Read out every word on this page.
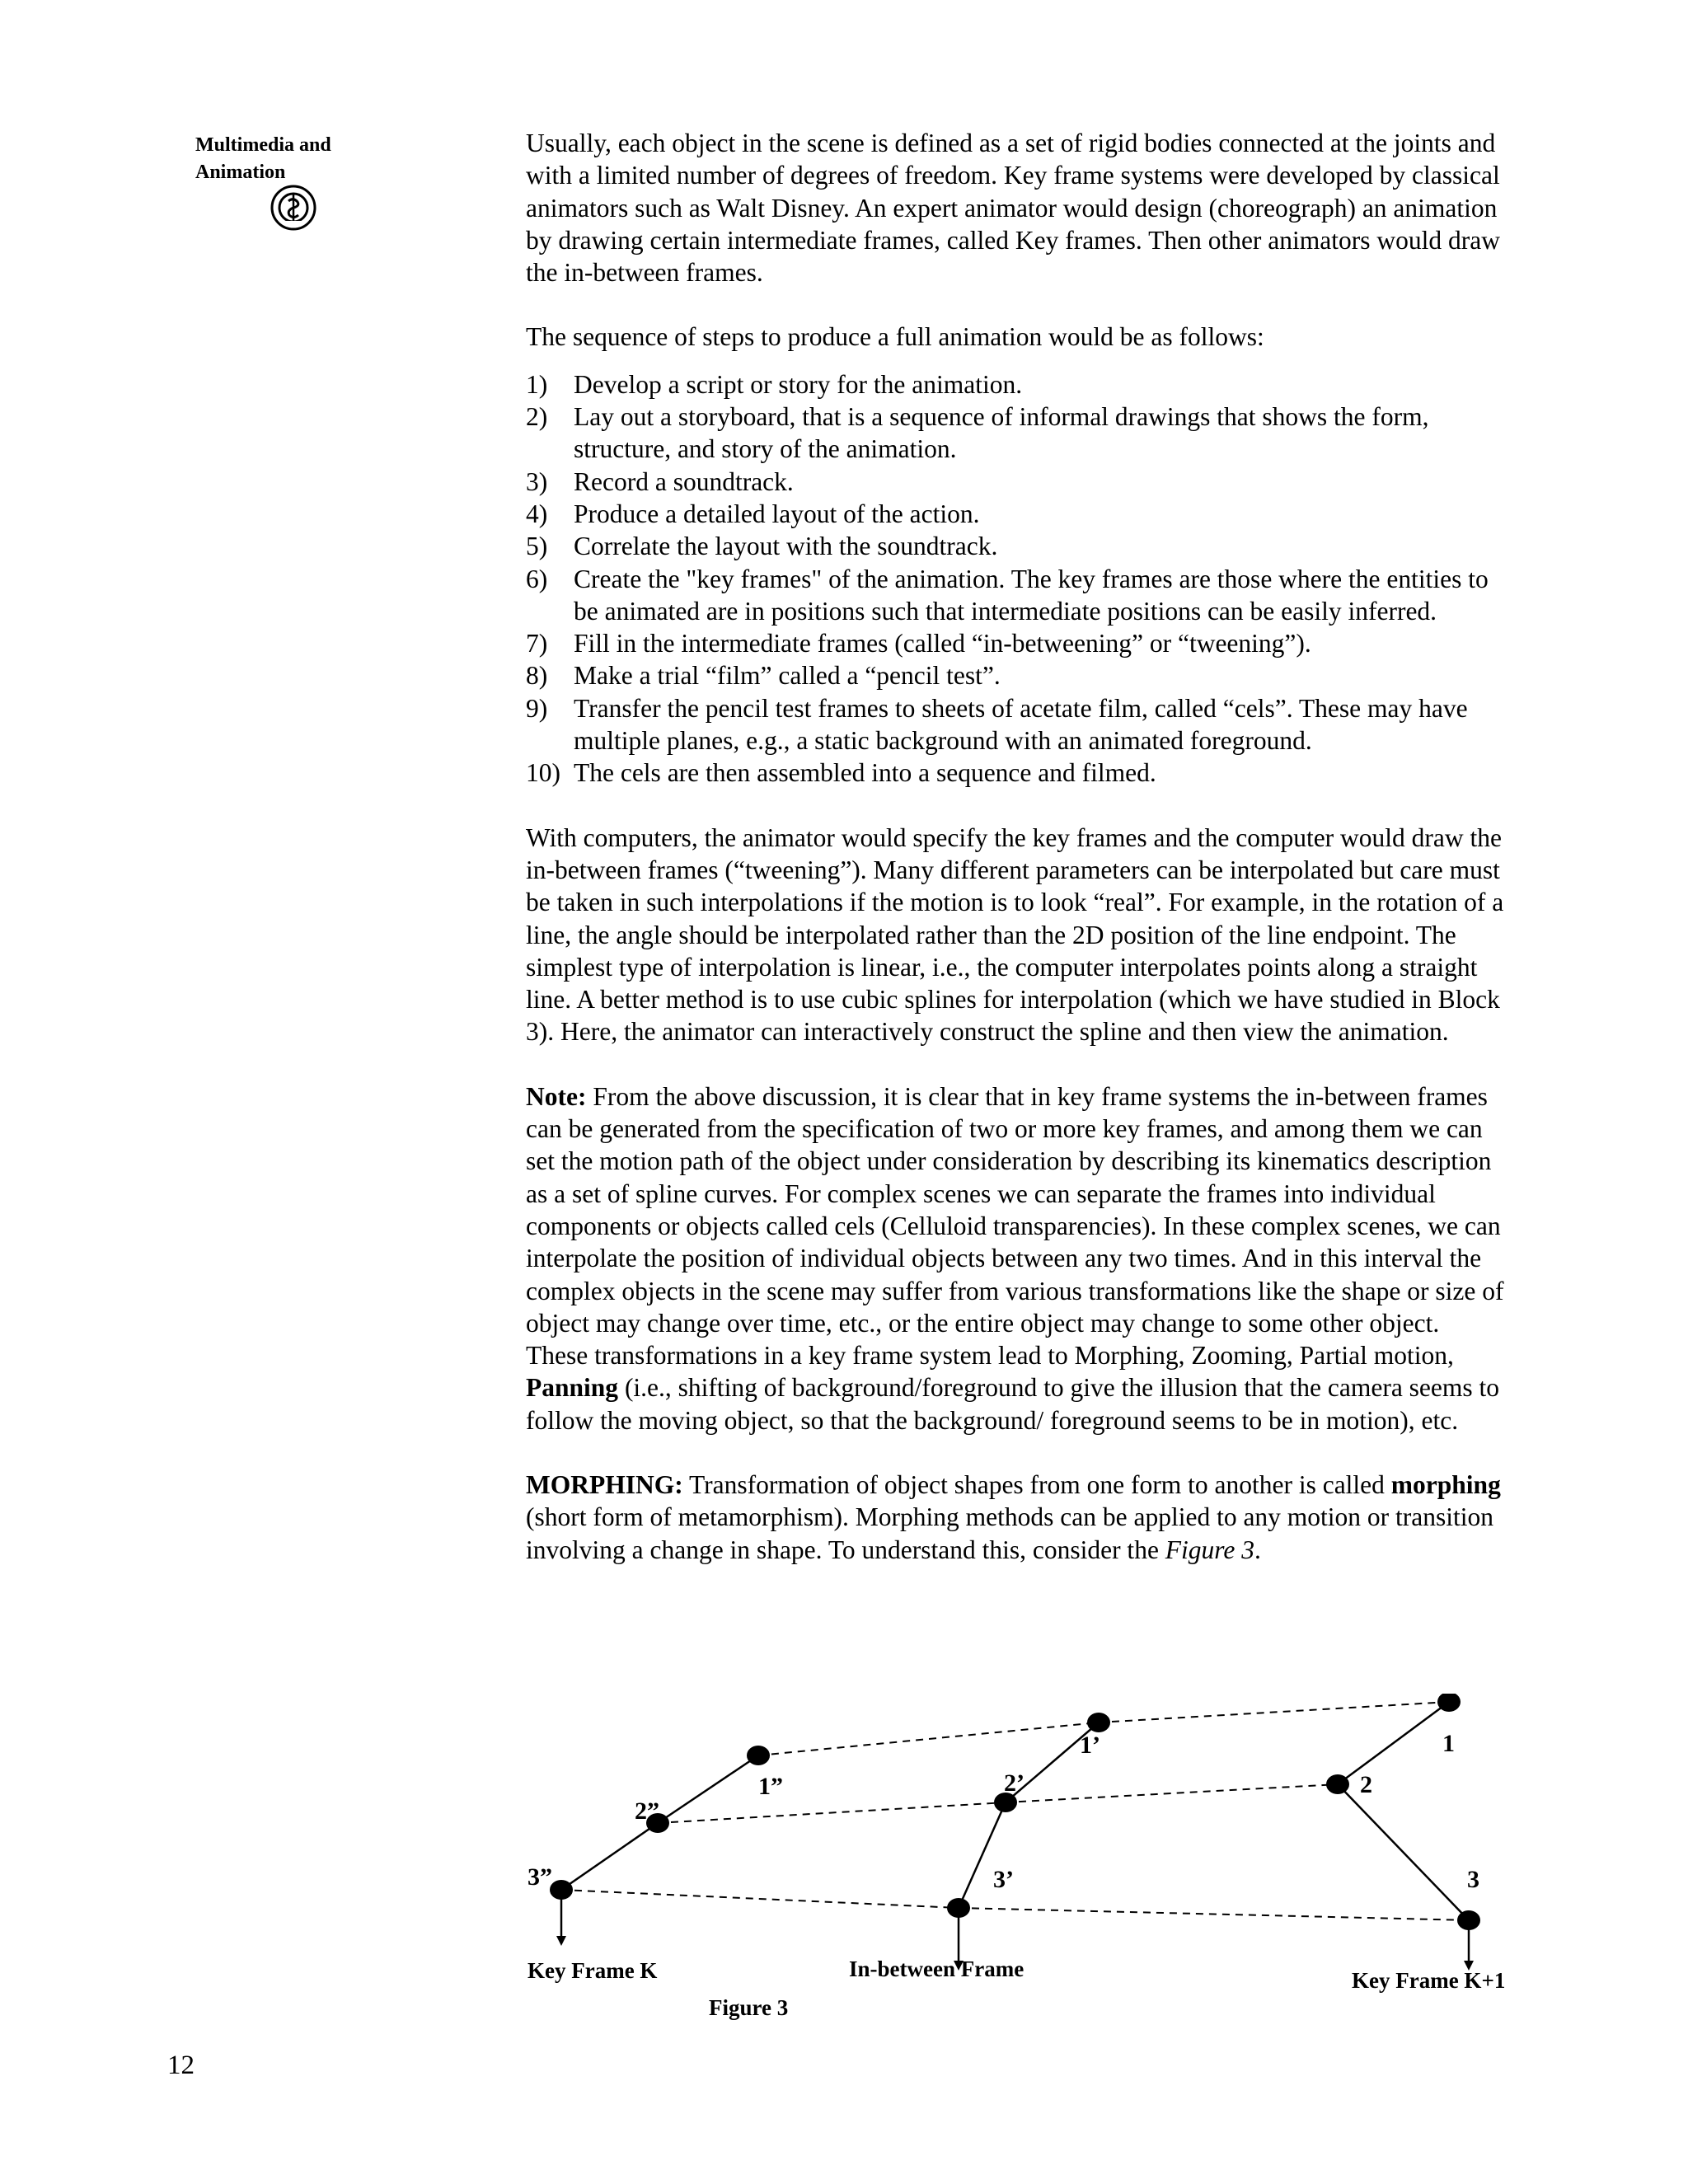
Multimedia and
Animation

Usually, each object in the scene is defined as a set of rigid bodies connected at the joints and with a limited number of degrees of freedom. Key frame systems were developed by classical animators such as Walt Disney. An expert animator would design (choreograph) an animation by drawing certain intermediate frames, called Key frames. Then other animators would draw the in-between frames.

The sequence of steps to produce a full animation would be as follows:

1) Develop a script or story for the animation.
2) Lay out a storyboard, that is a sequence of informal drawings that shows the form, structure, and story of the animation.
3) Record a soundtrack.
4) Produce a detailed layout of the action.
5) Correlate the layout with the soundtrack.
6) Create the "key frames" of the animation. The key frames are those where the entities to be animated are in positions such that intermediate positions can be easily inferred.
7) Fill in the intermediate frames (called “in-betweening” or “tweening”).
8) Make a trial “film” called a “pencil test”.
9) Transfer the pencil test frames to sheets of acetate film, called “cels”. These may have multiple planes, e.g., a static background with an animated foreground.
10) The cels are then assembled into a sequence and filmed.

With computers, the animator would specify the key frames and the computer would draw the in-between frames (“tweening”). Many different parameters can be interpolated but care must be taken in such interpolations if the motion is to look “real”. For example, in the rotation of a line, the angle should be interpolated rather than the 2D position of the line endpoint. The simplest type of interpolation is linear, i.e., the computer interpolates points along a straight line. A better method is to use cubic splines for interpolation (which we have studied in Block 3). Here, the animator can interactively construct the spline and then view the animation.

Note: From the above discussion, it is clear that in key frame systems the in-between frames can be generated from the specification of two or more key frames, and among them we can set the motion path of the object under consideration by describing its kinematics description as a set of spline curves. For complex scenes we can separate the frames into individual components or objects called cels (Celluloid transparencies). In these complex scenes, we can interpolate the position of individual objects between any two times. And in this interval the complex objects in the scene may suffer from various transformations like the shape or size of object may change over time, etc., or the entire object may change to some other object. These transformations in a key frame system lead to Morphing, Zooming, Partial motion, Panning (i.e., shifting of background/foreground to give the illusion that the camera seems to follow the moving object, so that the background/ foreground seems to be in motion), etc.

MORPHING: Transformation of object shapes from one form to another is called morphing (short form of metamorphism). Morphing methods can be applied to any motion or transition involving a change in shape. To understand this, consider the Figure 3.

1”
2”
3”
1’
2’
3’
1
2
3
Key Frame K	In-between Frame	Key Frame K+1
Figure 3
12
